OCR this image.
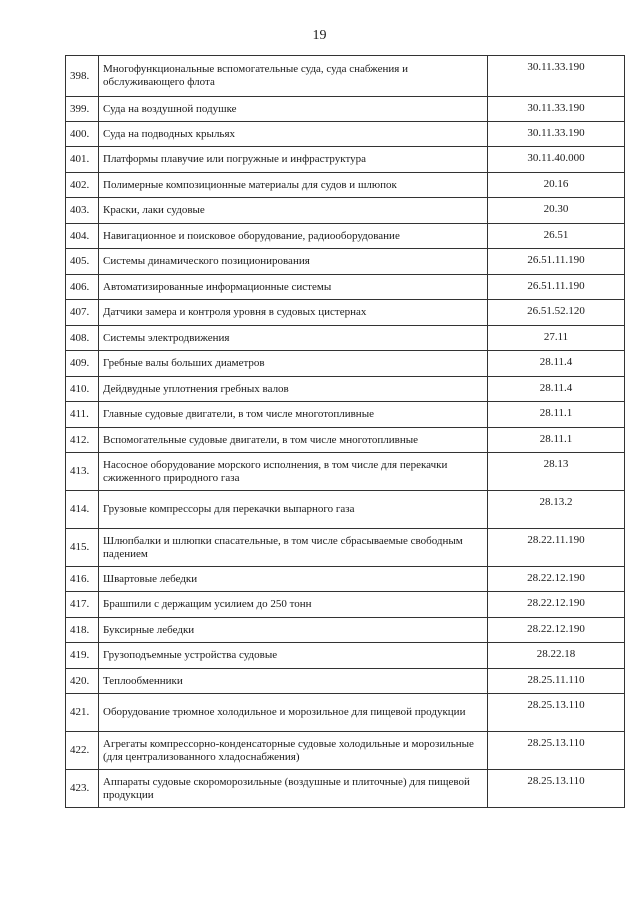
19
398.	Многофункциональные вспомогательные суда, суда снабжения и обслуживающего флота	30.11.33.190
399.	Суда на воздушной подушке	30.11.33.190
400.	Суда на подводных крыльях	30.11.33.190
401.	Платформы плавучие или погружные и инфраструктура	30.11.40.000
402.	Полимерные композиционные материалы для судов и шлюпок	20.16
403.	Краски, лаки судовые	20.30
404.	Навигационное и поисковое оборудование, радиооборудование	26.51
405.	Системы динамического позиционирования	26.51.11.190
406.	Автоматизированные информационные системы	26.51.11.190
407.	Датчики замера и контроля уровня в судовых цистернах	26.51.52.120
408.	Системы электродвижения	27.11
409.	Гребные валы больших диаметров	28.11.4
410.	Дейдвудные уплотнения гребных валов	28.11.4
411.	Главные судовые двигатели, в том числе многотопливные	28.11.1
412.	Вспомогательные судовые двигатели, в том числе многотопливные	28.11.1
413.	Насосное оборудование морского исполнения, в том числе для перекачки сжиженного природного газа	28.13
414.	Грузовые компрессоры для перекачки выпарного газа	28.13.2
415.	Шлюпбалки и шлюпки спасательные, в том числе сбрасываемые свободным падением	28.22.11.190
416.	Швартовые лебедки	28.22.12.190
417.	Брашпили с держащим усилием до 250 тонн	28.22.12.190
418.	Буксирные лебедки	28.22.12.190
419.	Грузоподъемные устройства судовые	28.22.18
420.	Теплообменники	28.25.11.110
421.	Оборудование трюмное холодильное и морозильное для пищевой продукции	28.25.13.110
422.	Агрегаты компрессорно-конденсаторные судовые холодильные и морозильные (для централизованного хладоснабжения)	28.25.13.110
423.	Аппараты судовые скороморозильные (воздушные и плиточные) для пищевой продукции	28.25.13.110
